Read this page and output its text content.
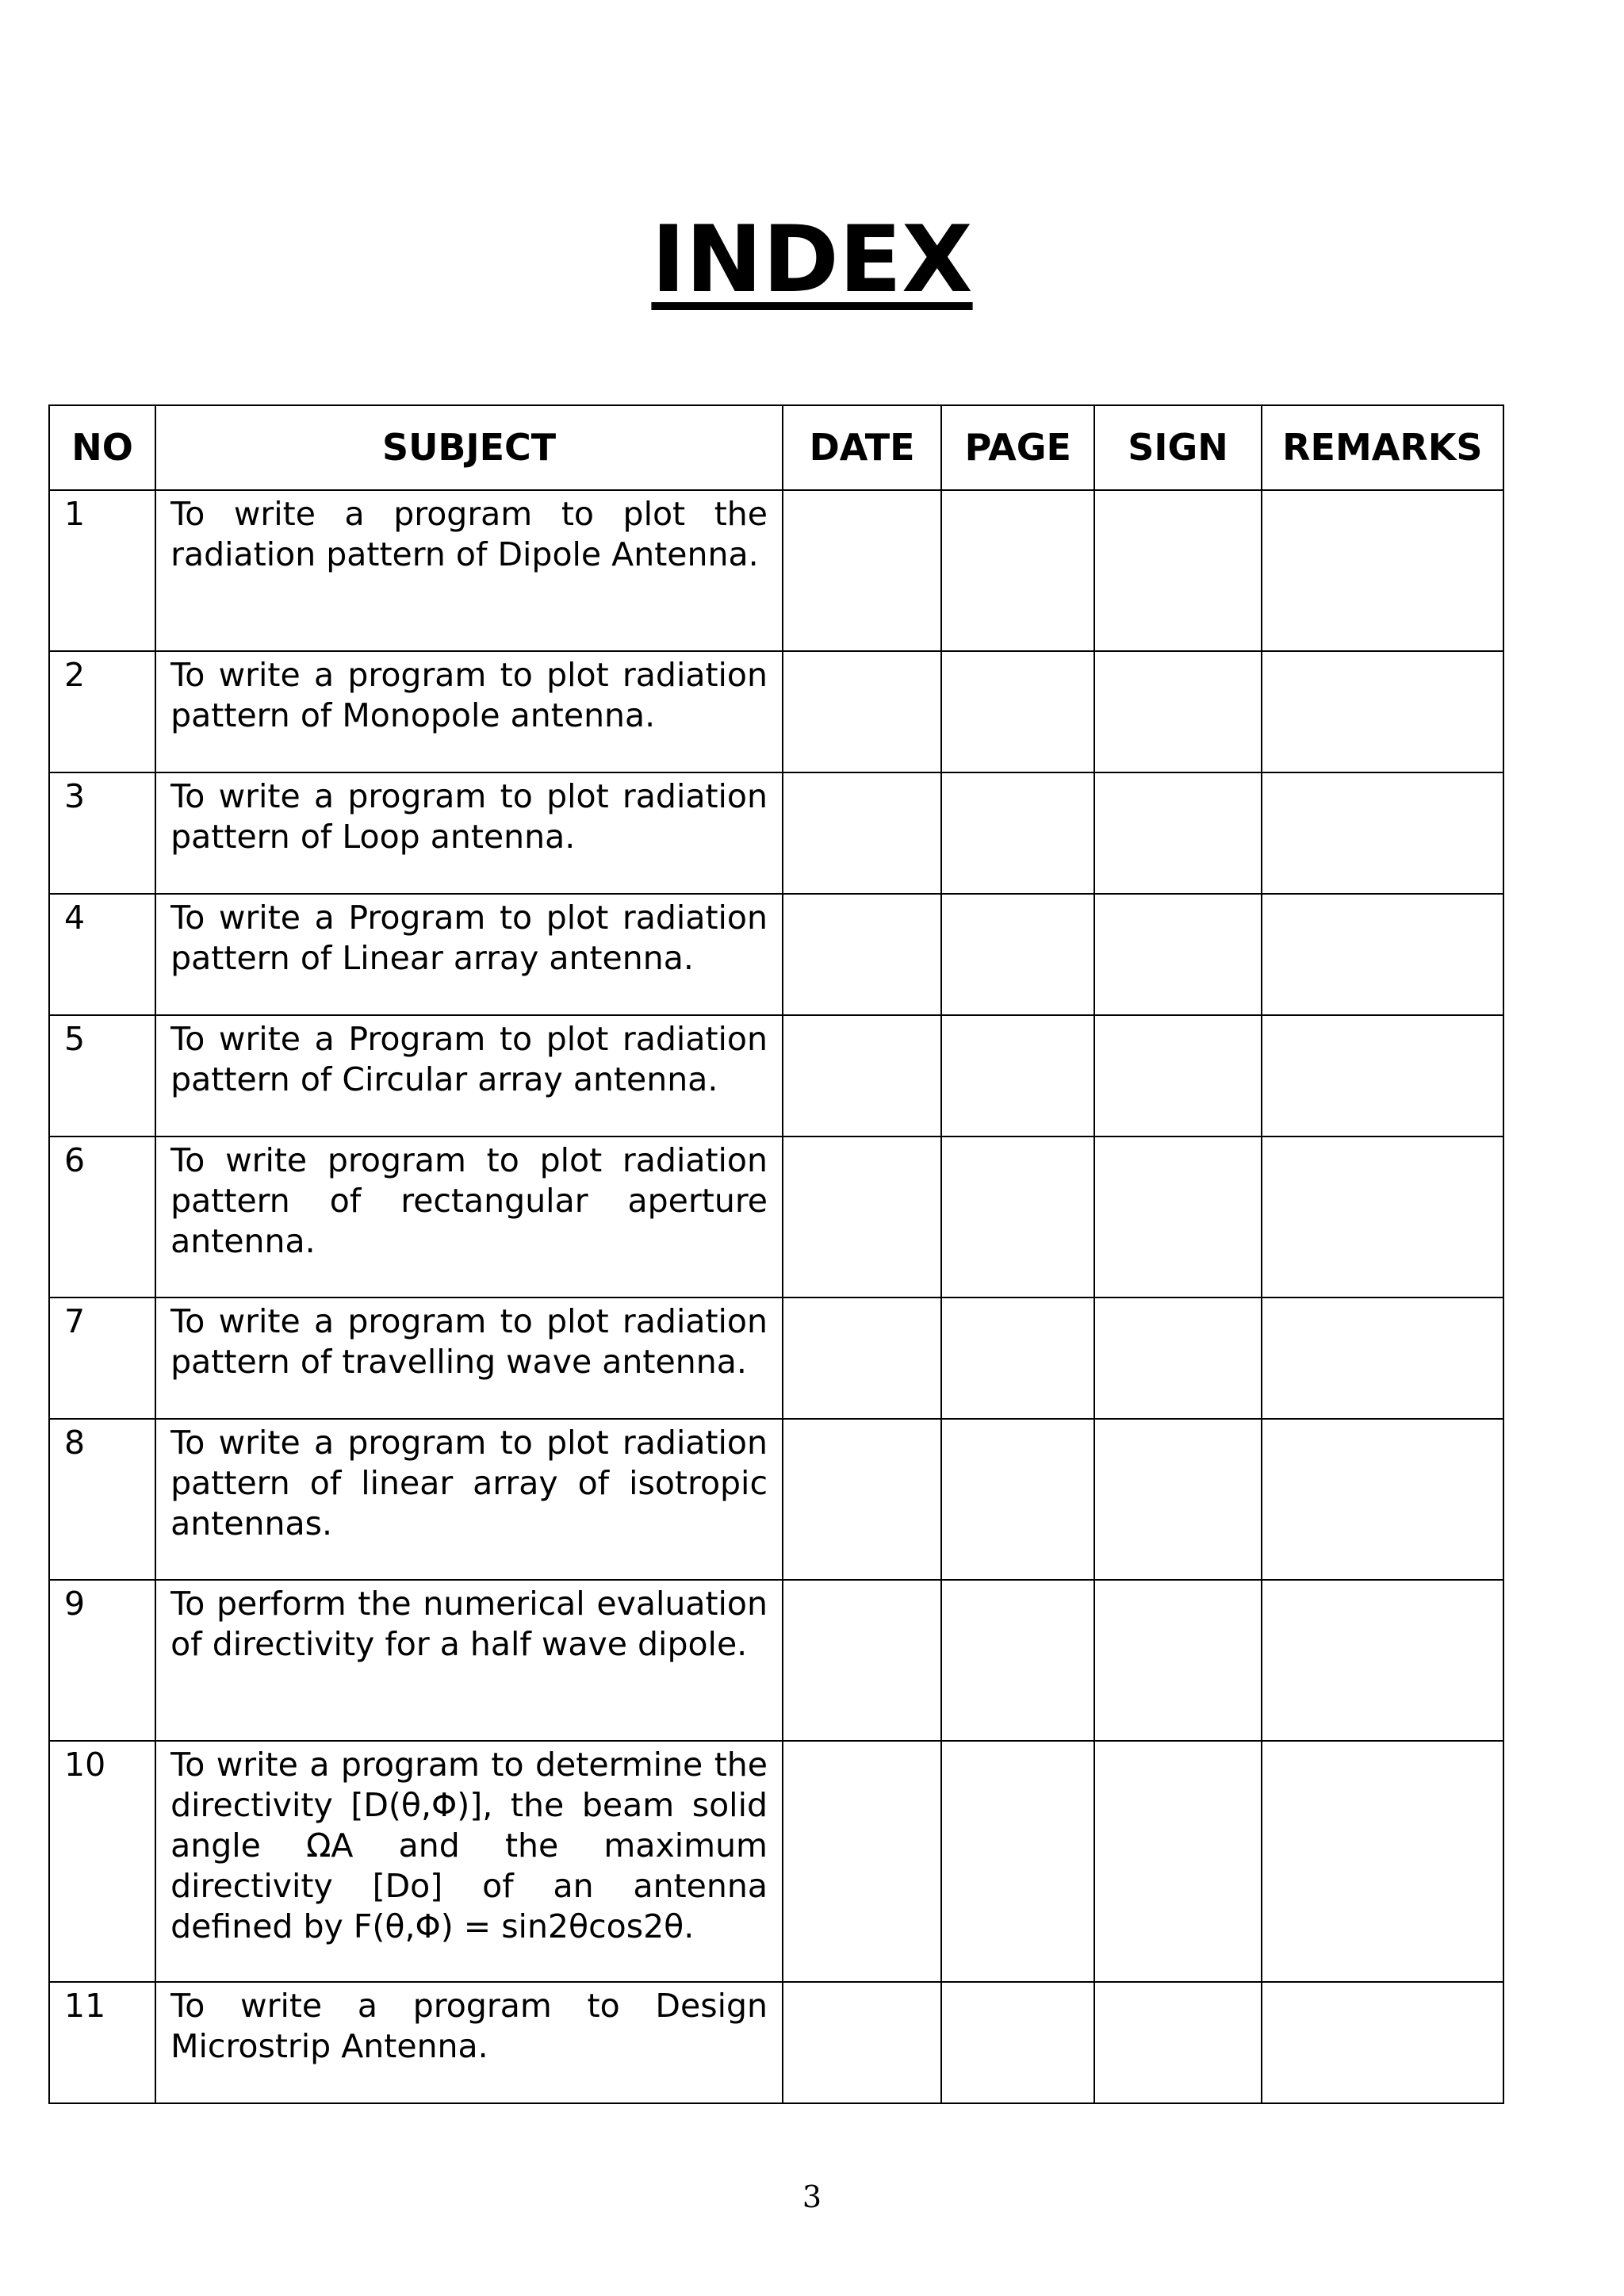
INDEX
NO	SUBJECT	DATE	PAGE	SIGN	REMARKS
1	To write a program to plot the radiation pattern of Dipole Antenna.				
2	To write a program to plot radiation pattern of Monopole antenna.				
3	To write a program to plot radiation pattern of Loop antenna.				
4	To write a Program to plot radiation pattern of Linear array antenna.				
5	To write a Program to plot radiation pattern of Circular array antenna.				
6	To write program to plot radiation pattern of rectangular aperture antenna.				
7	To write a program to plot radiation pattern of travelling wave antenna.				
8	To write a program to plot radiation pattern of linear array of isotropic antennas.				
9	To perform the numerical evaluation of directivity for a half wave dipole.				
10	To write a program to determine the directivity [D(θ,Φ)], the beam solid angle ΩA and the maximum directivity [Do] of an antenna defined by F(θ,Φ) = sin2θcos2θ.				
11	To write a program to Design Microstrip Antenna.				
3
